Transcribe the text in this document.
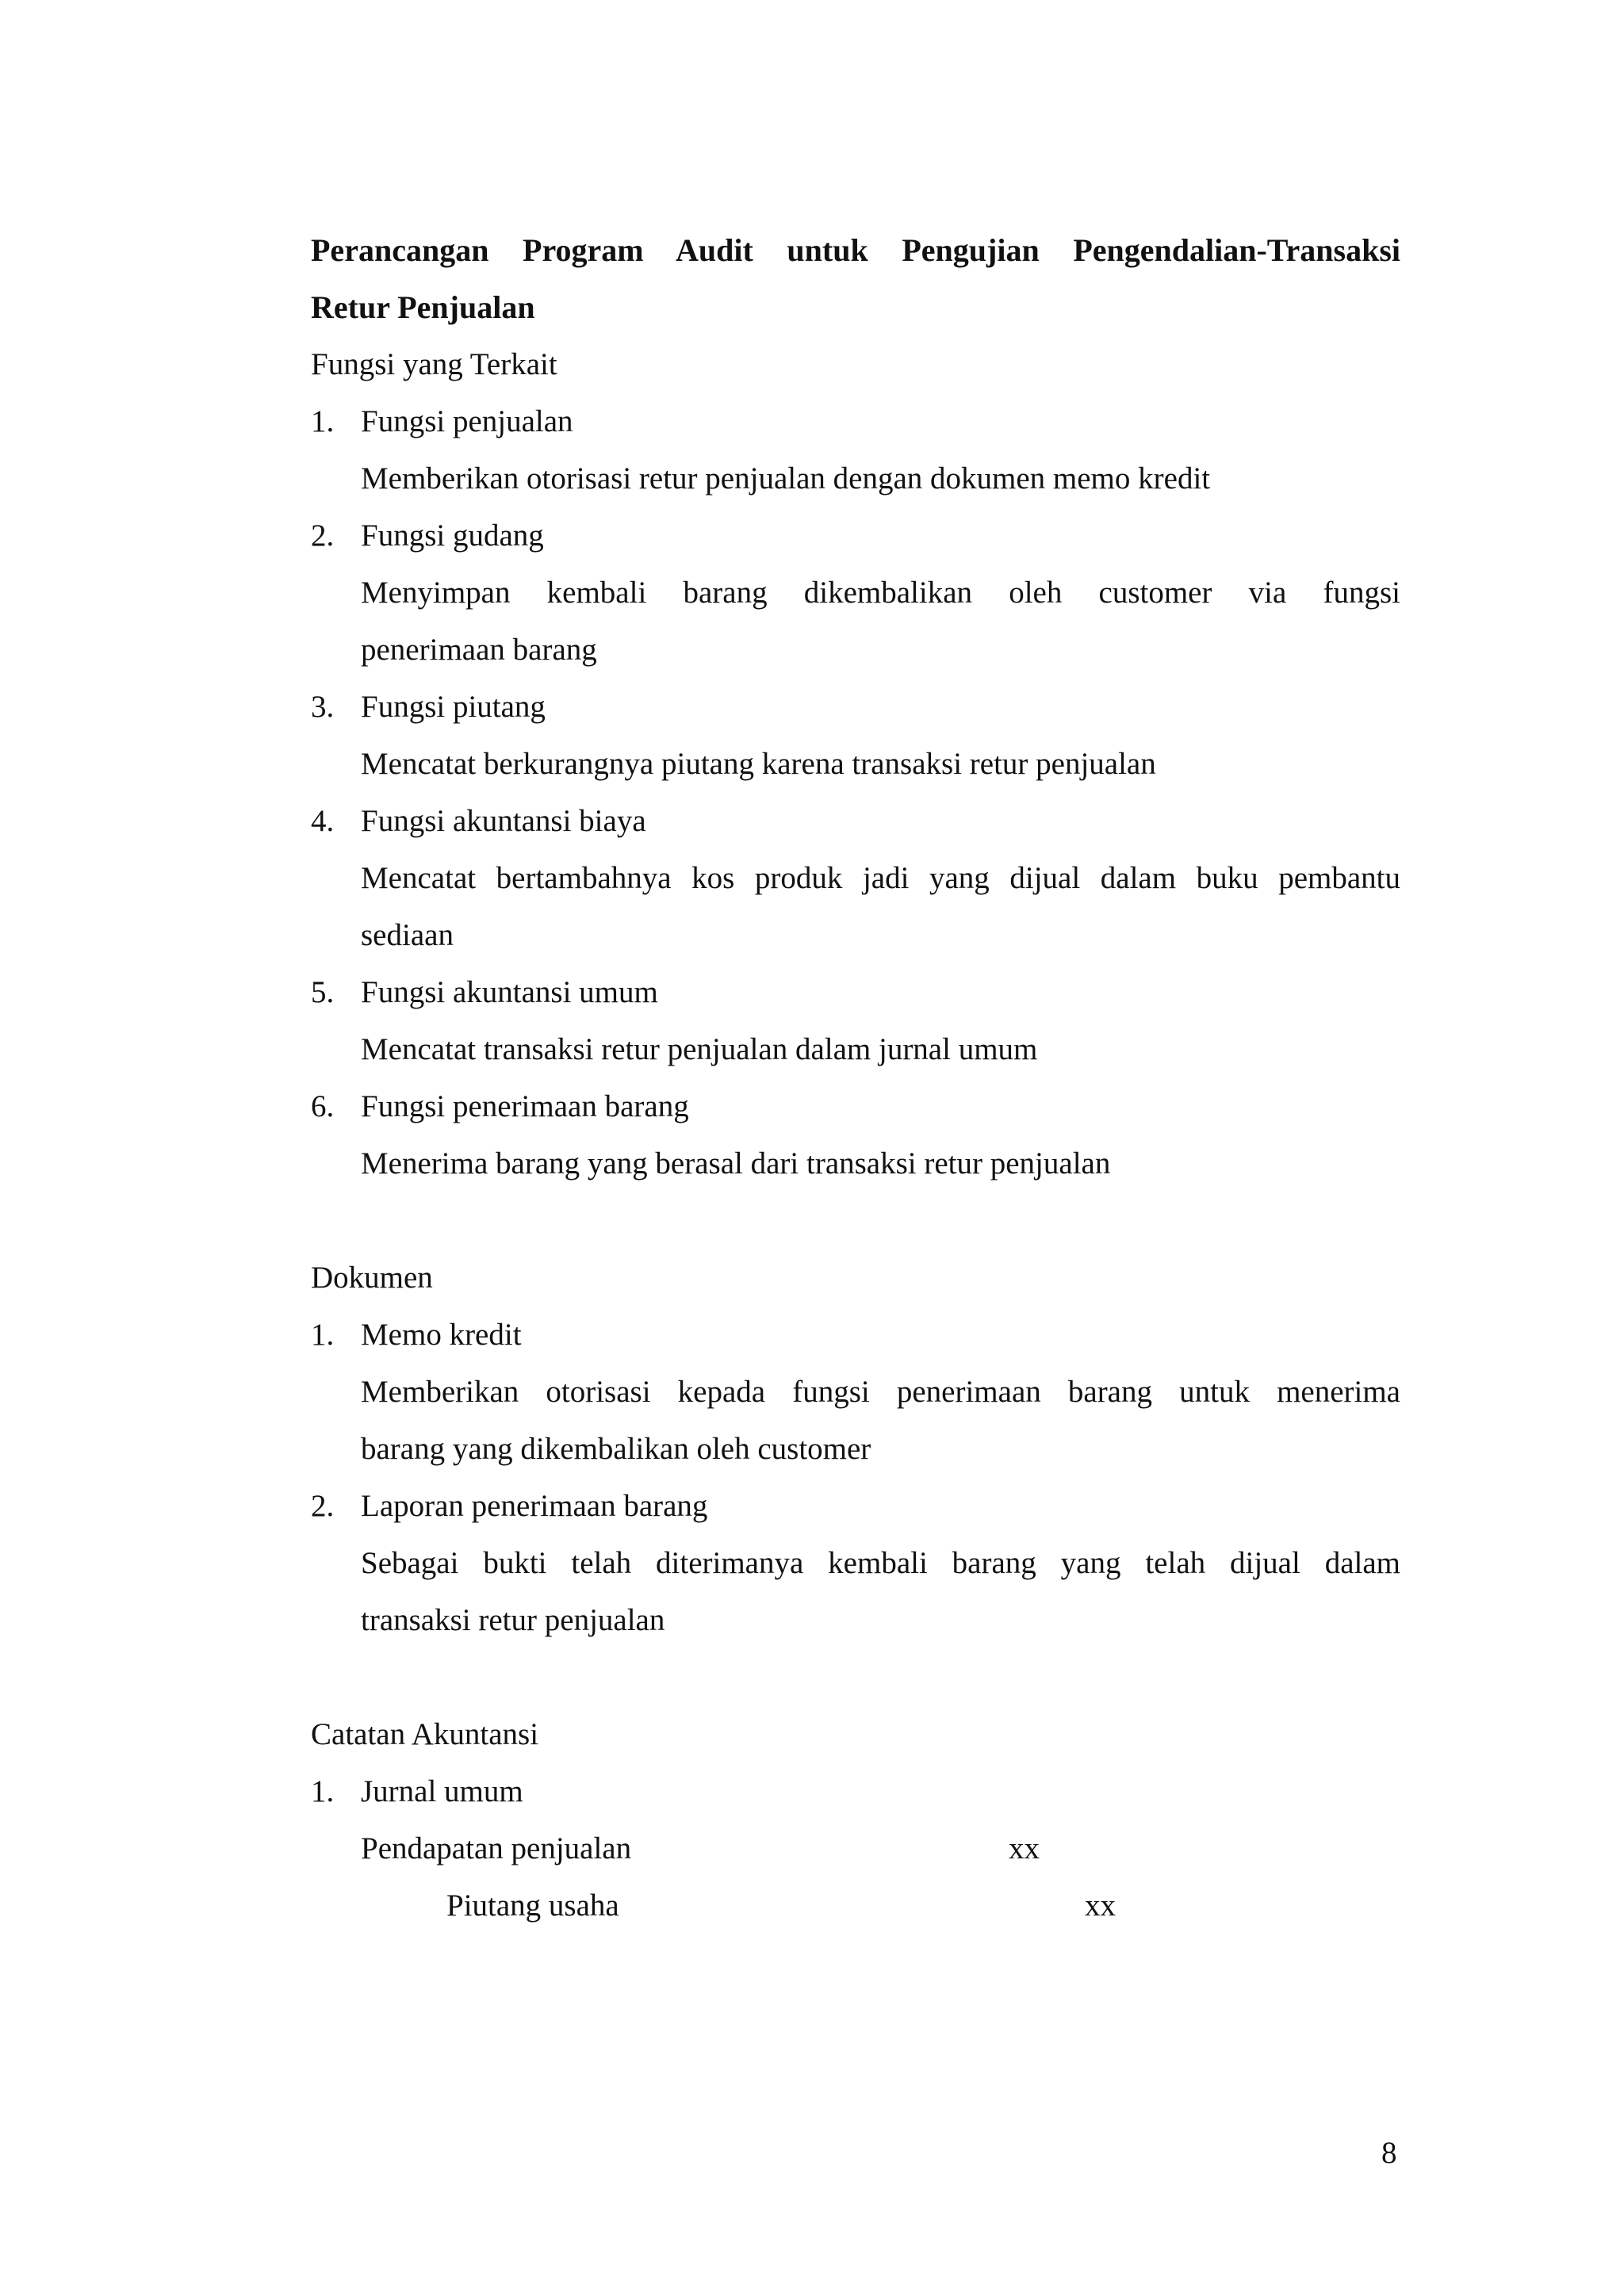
Perancangan Program Audit untuk Pengujian Pengendalian-Transaksi
Retur Penjualan
Fungsi yang Terkait
1. Fungsi penjualan
Memberikan otorisasi retur penjualan dengan dokumen memo kredit
2. Fungsi gudang
Menyimpan kembali barang dikembalikan oleh customer via fungsi
penerimaan barang
3. Fungsi piutang
Mencatat berkurangnya piutang karena transaksi retur penjualan
4. Fungsi akuntansi biaya
Mencatat bertambahnya kos produk jadi yang dijual dalam buku pembantu
sediaan
5. Fungsi akuntansi umum
Mencatat transaksi retur penjualan dalam jurnal umum
6. Fungsi penerimaan barang
Menerima barang yang berasal dari transaksi retur penjualan
Dokumen
1. Memo kredit
Memberikan otorisasi kepada fungsi penerimaan barang untuk menerima
barang yang dikembalikan oleh customer
2. Laporan penerimaan barang
Sebagai bukti telah diterimanya kembali barang yang telah dijual dalam
transaksi retur penjualan
Catatan Akuntansi
1. Jurnal umum
Pendapatan penjualan	xx
Piutang usaha	xx
8
